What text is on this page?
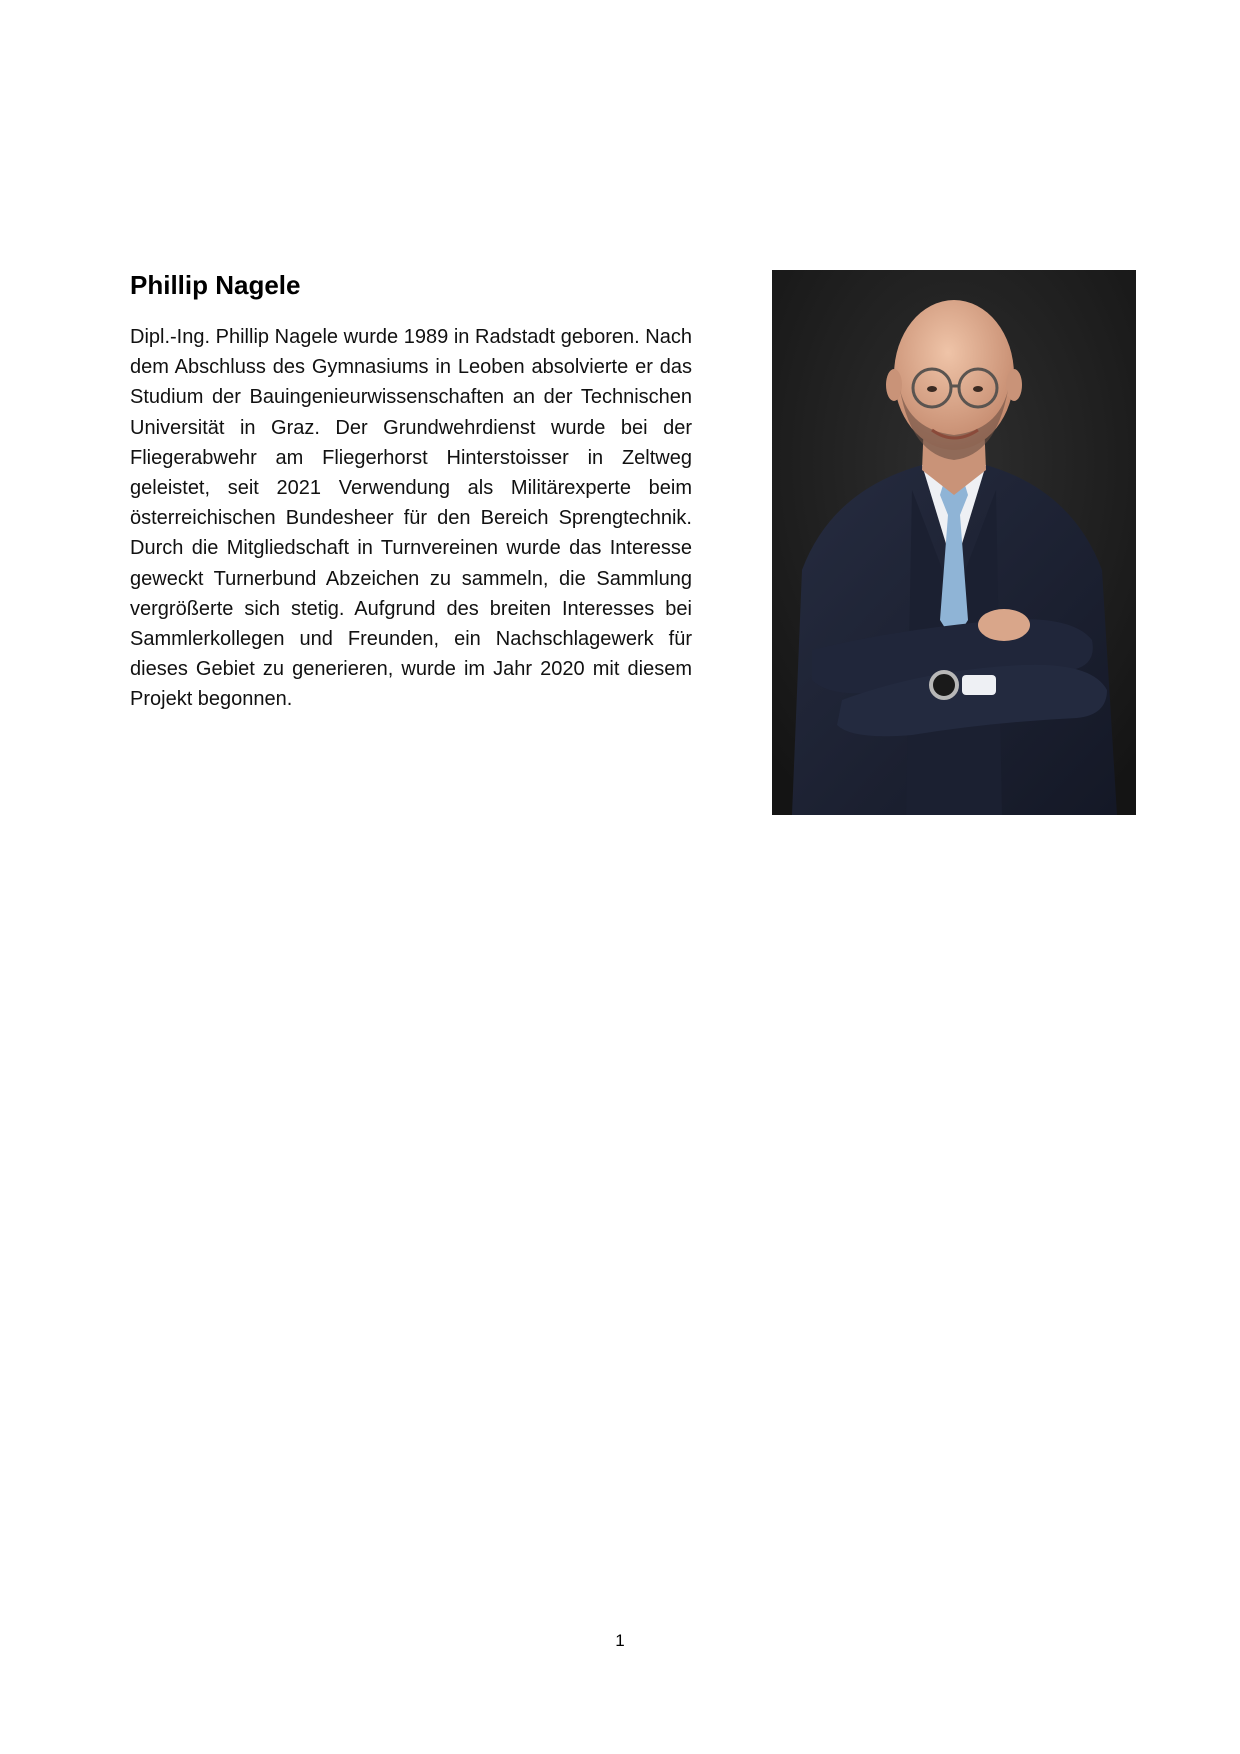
Phillip Nagele

Dipl.-Ing. Phillip Nagele wurde 1989 in Radstadt geboren. Nach dem Abschluss des Gymnasiums in Leoben absolvierte er das Studium der Bauingenieurwissenschaften an der Technischen Universität in Graz. Der Grundwehrdienst wurde bei der Fliegerabwehr am Fliegerhorst Hinterstoisser in Zeltweg geleistet, seit 2021 Verwendung als Militärexperte beim österreichischen Bundesheer für den Bereich Sprengtechnik. Durch die Mitgliedschaft in Turnvereinen wurde das Interesse geweckt Turnerbund Abzeichen zu sammeln, die Sammlung vergrößerte sich stetig. Aufgrund des breiten Interesses bei Sammlerkollegen und Freunden, ein Nachschlagewerk für dieses Gebiet zu generieren, wurde im Jahr 2020 mit diesem Projekt begonnen.

1
